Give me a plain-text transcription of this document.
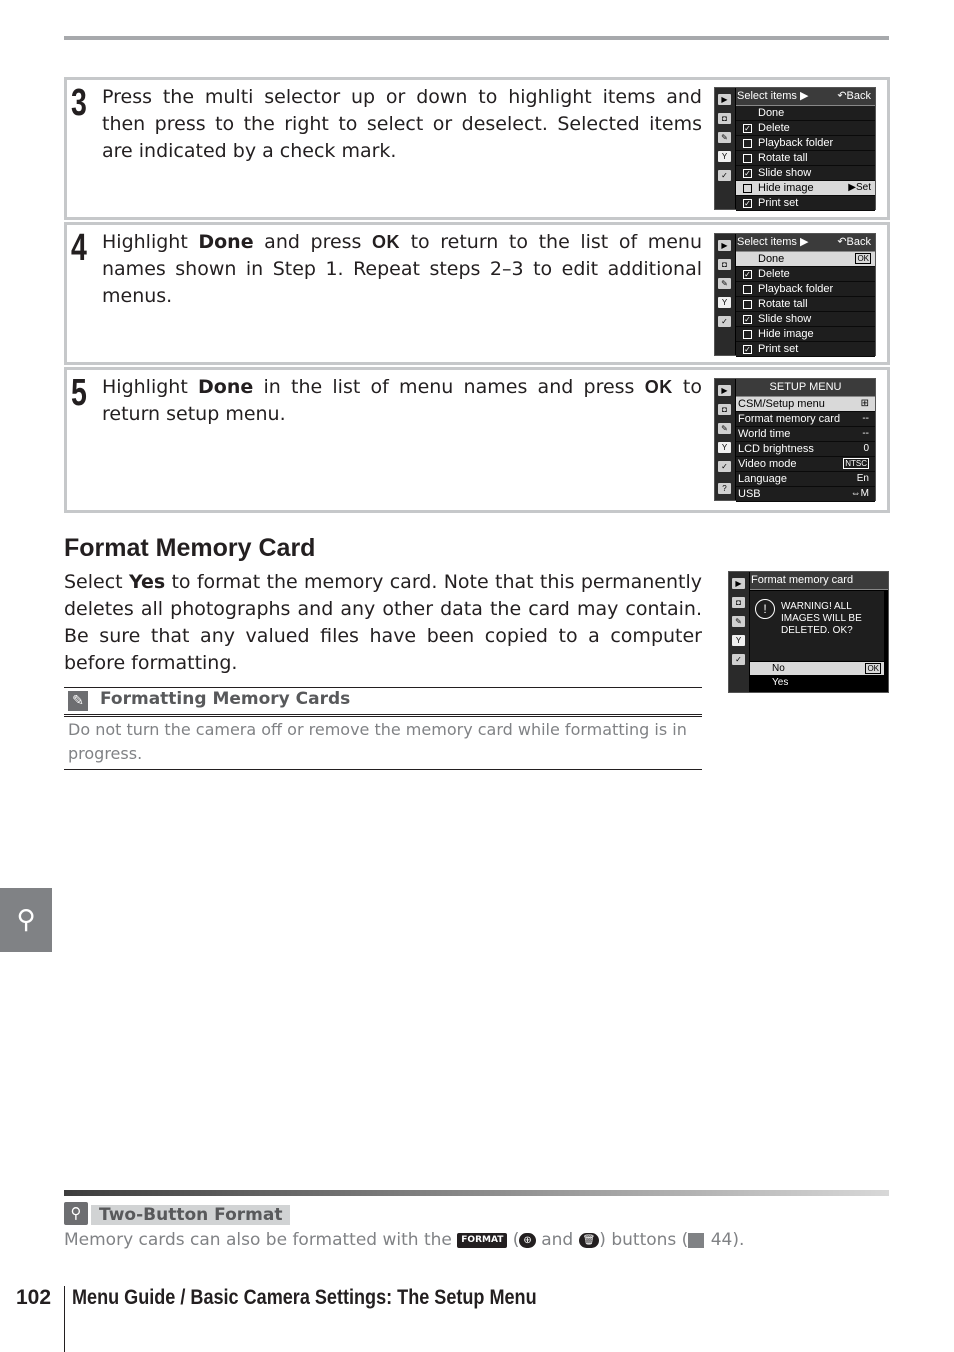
3 Press the multi selector up or down to highlight items and then press to the right to select or deselect. Selected items are indicated by a check mark.
▶
◘
✎
Y
✓
Select items ▶	↶Back
Done
✓ Delete
Playback folder
Rotate tall
✓ Slide show
Hide image	▶Set
✓ Print set
4 Highlight Done and press OK to return to the list of menu names shown in Step 1. Repeat steps 2–3 to edit additional menus.
▶
◘
✎
Y
✓
Select items ▶	↶Back
Done	OK
✓ Delete
Playback folder
Rotate tall
✓ Slide show
Hide image
✓ Print set
5 Highlight Done in the list of menu names and press OK to return setup menu.
▶
◘
✎
Y
✓
?
SETUP MENU
CSM/Setup menu	⊞
Format memory card --
World time	--
LCD brightness	0
Video mode	NTSC
Language	En
USB	⇔M
Format Memory Card
Select Yes to format the memory card. Note that this permanently deletes all photographs and any other data the card may contain. Be sure that any valued files have been copied to a computer before formatting.
▶
◘
✎
Y
✓
Format memory card
!	WARNING! ALL IMAGES WILL BE DELETED. OK?
No	OK
Yes
✎ Formatting Memory Cards
Do not turn the camera off or remove the memory card while formatting is in progress.
⚲
⚲	Two-Button Format
Memory cards can also be formatted with the FORMAT ( ⊕ and 🗑 ) buttons ( 44).
102 Menu Guide / Basic Camera Settings: The Setup Menu
